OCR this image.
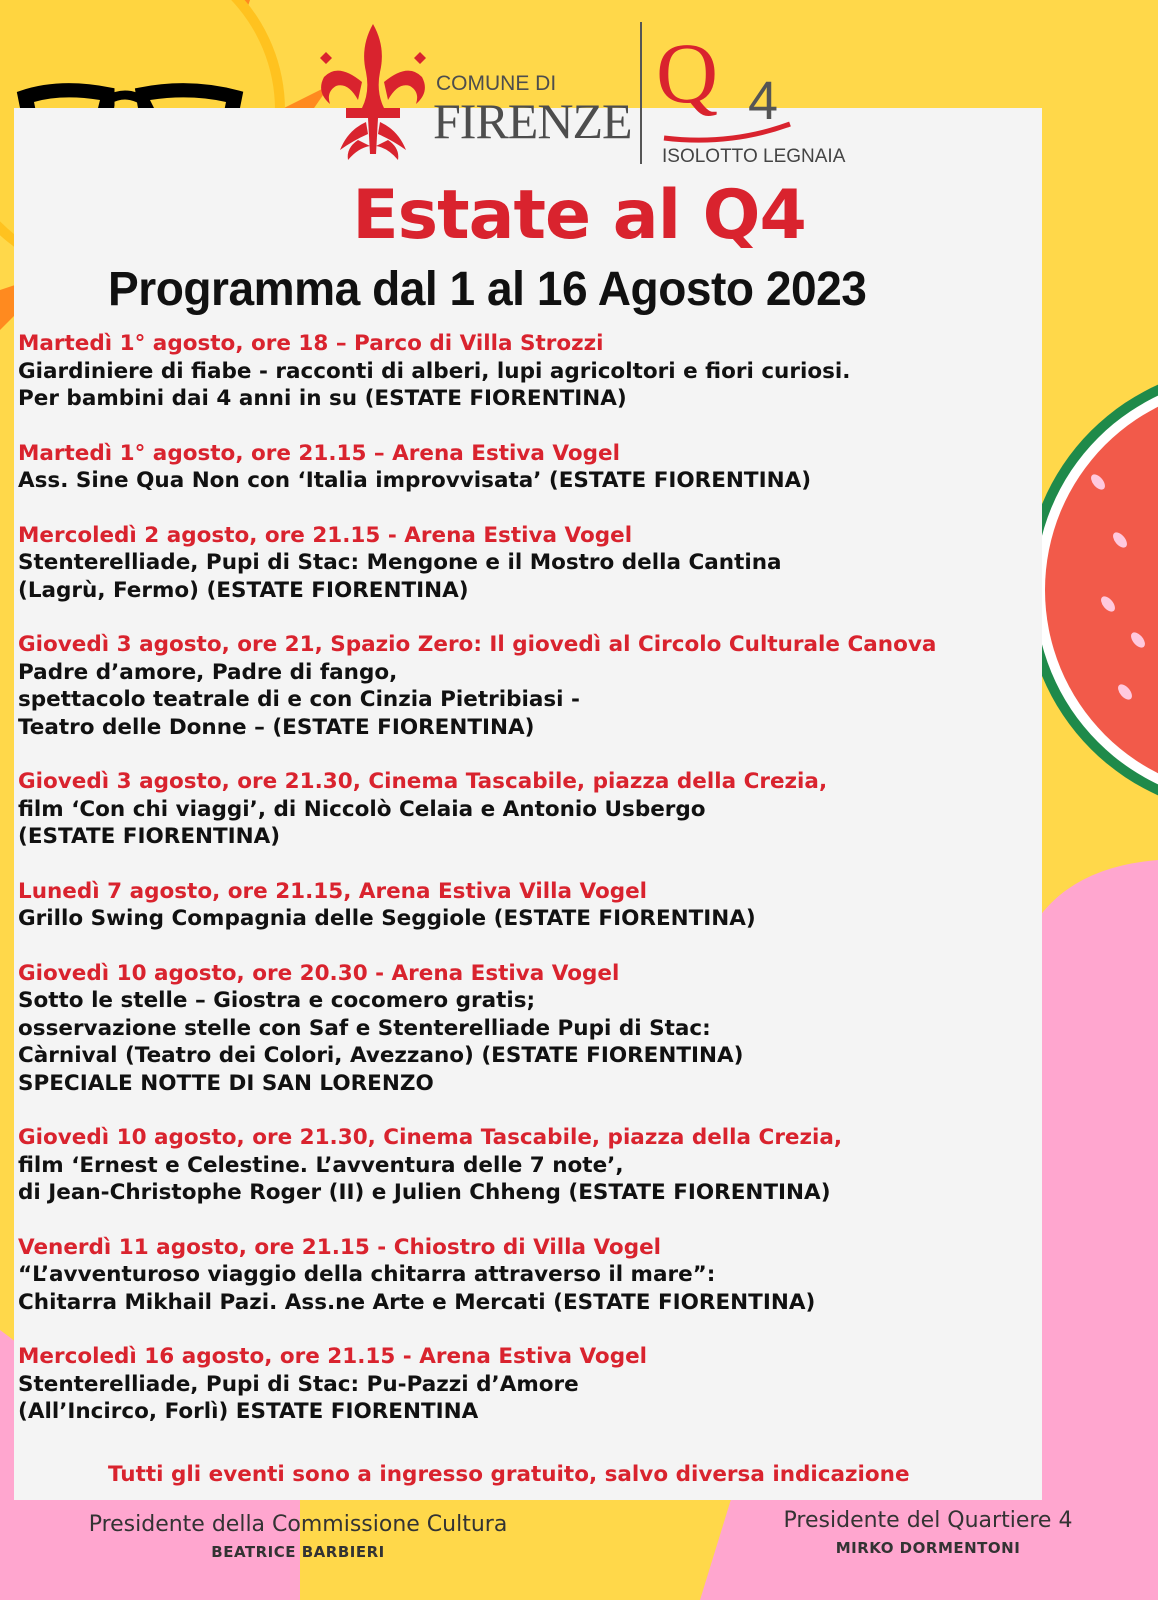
COMUNE DI
FIRENZE Q 4
ISOLOTTO LEGNAIA
Estate al Q4
Programma dal 1 al 16 Agosto 2023
Martedì 1° agosto, ore 18 – Parco di Villa Strozzi
Giardiniere di fiabe - racconti di alberi, lupi agricoltori e fiori curiosi.
Per bambini dai 4 anni in su (ESTATE FIORENTINA)
Martedì 1° agosto, ore 21.15 – Arena Estiva Vogel
Ass. Sine Qua Non con ‘Italia improvvisata’ (ESTATE FIORENTINA)
Mercoledì 2 agosto, ore 21.15 - Arena Estiva Vogel
Stenterelliade, Pupi di Stac: Mengone e il Mostro della Cantina
(Lagrù, Fermo) (ESTATE FIORENTINA)
Giovedì 3 agosto, ore 21, Spazio Zero: Il giovedì al Circolo Culturale Canova
Padre d’amore, Padre di fango,
spettacolo teatrale di e con Cinzia Pietribiasi -
Teatro delle Donne – (ESTATE FIORENTINA)
Giovedì 3 agosto, ore 21.30, Cinema Tascabile, piazza della Crezia,
film ‘Con chi viaggi’, di Niccolò Celaia e Antonio Usbergo
(ESTATE FIORENTINA)
Lunedì 7 agosto, ore 21.15, Arena Estiva Villa Vogel
Grillo Swing Compagnia delle Seggiole (ESTATE FIORENTINA)
Giovedì 10 agosto, ore 20.30 - Arena Estiva Vogel
Sotto le stelle – Giostra e cocomero gratis;
osservazione stelle con Saf e Stenterelliade Pupi di Stac:
Càrnival (Teatro dei Colori, Avezzano) (ESTATE FIORENTINA)
SPECIALE NOTTE DI SAN LORENZO
Giovedì 10 agosto, ore 21.30, Cinema Tascabile, piazza della Crezia,
film ‘Ernest e Celestine. L’avventura delle 7 note’,
di Jean-Christophe Roger (II) e Julien Chheng (ESTATE FIORENTINA)
Venerdì 11 agosto, ore 21.15 - Chiostro di Villa Vogel
“L’avventuroso viaggio della chitarra attraverso il mare”:
Chitarra Mikhail Pazi. Ass.ne Arte e Mercati (ESTATE FIORENTINA)
Mercoledì 16 agosto, ore 21.15 - Arena Estiva Vogel
Stenterelliade, Pupi di Stac: Pu-Pazzi d’Amore
(All’Incirco, Forlì) ESTATE FIORENTINA
Tutti gli eventi sono a ingresso gratuito, salvo diversa indicazione
Presidente della Commissione Cultura
BEATRICE BARBIERI
Presidente del Quartiere 4
MIRKO DORMENTONI
